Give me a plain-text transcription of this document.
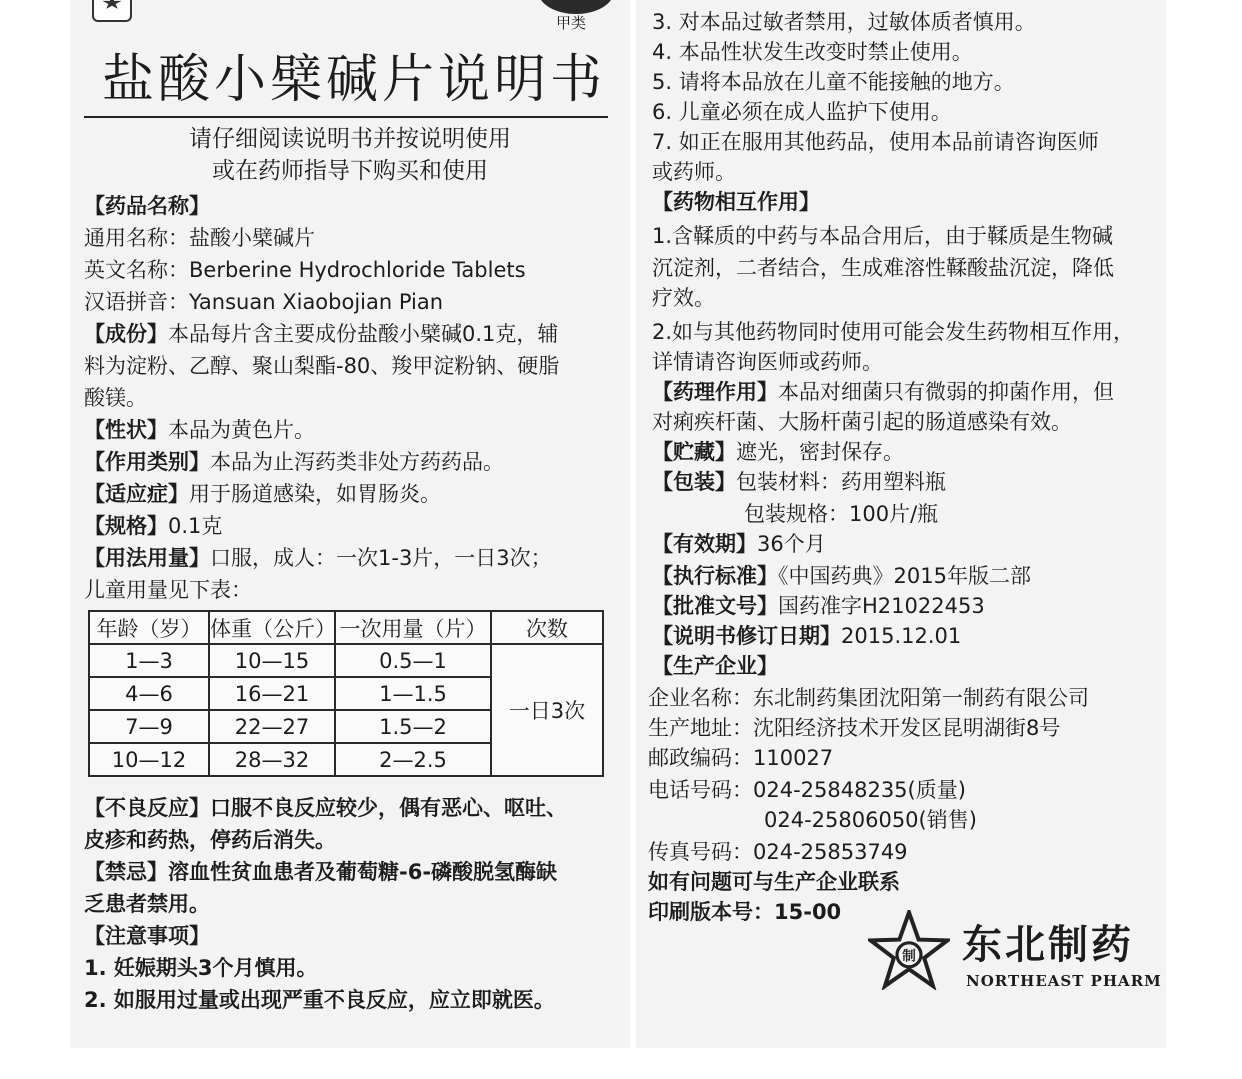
甲类
盐酸小檗碱片说明书
请仔细阅读说明书并按说明使用
或在药师指导下购买和使用
【药品名称】
通用名称：盐酸小檗碱片
英文名称：Berberine Hydrochloride Tablets
汉语拼音：Yansuan Xiaobojian Pian
【成份】本品每片含主要成份盐酸小檗碱0.1克，辅
料为淀粉、乙醇、聚山梨酯-80、羧甲淀粉钠、硬脂
酸镁。
【性状】本品为黄色片。
【作用类别】本品为止泻药类非处方药药品。
【适应症】用于肠道感染，如胃肠炎。
【规格】0.1克
【用法用量】口服，成人：一次1-3片，一日3次；
儿童用量见下表：
年龄（岁）	体重（公斤）	一次用量（片）	次数
1—3	10—15	0.5—1	一日3次
4—6	16—21	1—1.5	
7—9	22—27	1.5—2	
10—12	28—32	2—2.5	
【不良反应】口服不良反应较少，偶有恶心、呕吐、
皮疹和药热，停药后消失。
【禁忌】溶血性贫血患者及葡萄糖-6-磷酸脱氢酶缺
乏患者禁用。
【注意事项】
1. 妊娠期头3个月慎用。
2. 如服用过量或出现严重不良反应，应立即就医。
3. 对本品过敏者禁用，过敏体质者慎用。
4. 本品性状发生改变时禁止使用。
5. 请将本品放在儿童不能接触的地方。
6. 儿童必须在成人监护下使用。
7. 如正在服用其他药品，使用本品前请咨询医师
或药师。
【药物相互作用】
1.含鞣质的中药与本品合用后，由于鞣质是生物碱
沉淀剂，二者结合，生成难溶性鞣酸盐沉淀，降低
疗效。
2.如与其他药物同时使用可能会发生药物相互作用，
详情请咨询医师或药师。
【药理作用】本品对细菌只有微弱的抑菌作用，但
对痢疾杆菌、大肠杆菌引起的肠道感染有效。
【贮藏】遮光，密封保存。
【包装】包装材料：药用塑料瓶
包装规格：100片/瓶
【有效期】36个月
【执行标准】《中国药典》2015年版二部
【批准文号】国药准字H21022453
【说明书修订日期】2015.12.01
【生产企业】
企业名称：东北制药集团沈阳第一制药有限公司
生产地址：沈阳经济技术开发区昆明湖街8号
邮政编码：110027
电话号码：024-25848235(质量)
024-25806050(销售)
传真号码：024-25853749
如有问题可与生产企业联系
印刷版本号：15-00
制 东北制药
NORTHEAST PHARM
